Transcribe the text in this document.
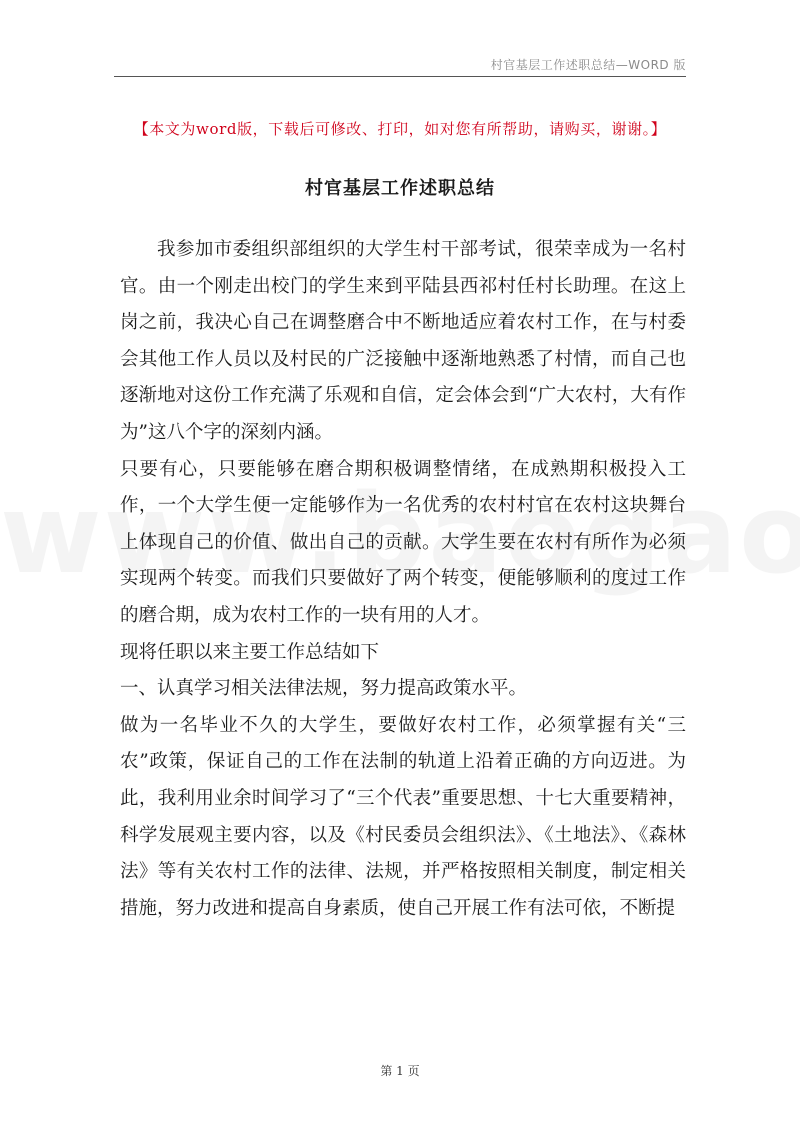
村官基层工作述职总结—WORD 版
【本文为word版，下载后可修改、打印，如对您有所帮助，请购买，谢谢。】
村官基层工作述职总结

我参加市委组织部组织的大学生村干部考试，很荣幸成为一名村官。由一个刚走出校门的学生来到平陆县西祁村任村长助理。在这上岗之前，我决心自己在调整磨合中不断地适应着农村工作，在与村委会其他工作人员以及村民的广泛接触中逐渐地熟悉了村情，而自己也逐渐地对这份工作充满了乐观和自信，定会体会到“广大农村，大有作为”这八个字的深刻内涵。

只要有心，只要能够在磨合期积极调整情绪，在成熟期积极投入工作，一个大学生便一定能够作为一名优秀的农村村官在农村这块舞台上体现自己的价值、做出自己的贡献。大学生要在农村有所作为必须实现两个转变。而我们只要做好了两个转变，便能够顺利的度过工作的磨合期，成为农村工作的一块有用的人才。

现将任职以来主要工作总结如下

一、认真学习相关法律法规，努力提高政策水平。

做为一名毕业不久的大学生，要做好农村工作，必须掌握有关“三农”政策，保证自己的工作在法制的轨道上沿着正确的方向迈进。为此，我利用业余时间学习了“三个代表”重要思想、十七大重要精神，科学发展观主要内容，以及《村民委员会组织法》、《土地法》、《森林法》等有关农村工作的法律、法规，并严格按照相关制度，制定相关措施，努力改进和提高自身素质，使自己开展工作有法可依，不断提

第 1 页
